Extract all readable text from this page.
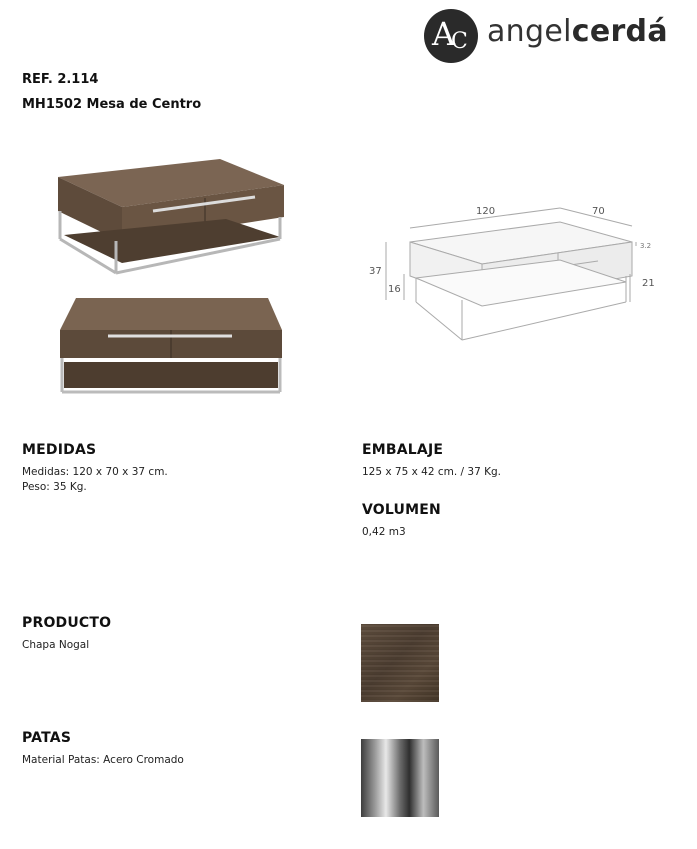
A
C angelcerdá
REF. 2.114
MH1502 Mesa de Centro
120	70
37
16
3.2
21
MEDIDAS
Medidas: 120 x 70 x 37 cm.
Peso: 35 Kg.
EMBALAJE
125 x 75 x 42 cm. / 37 Kg.
VOLUMEN
0,42 m3
PRODUCTO
Chapa Nogal
PATAS
Material Patas: Acero Cromado
